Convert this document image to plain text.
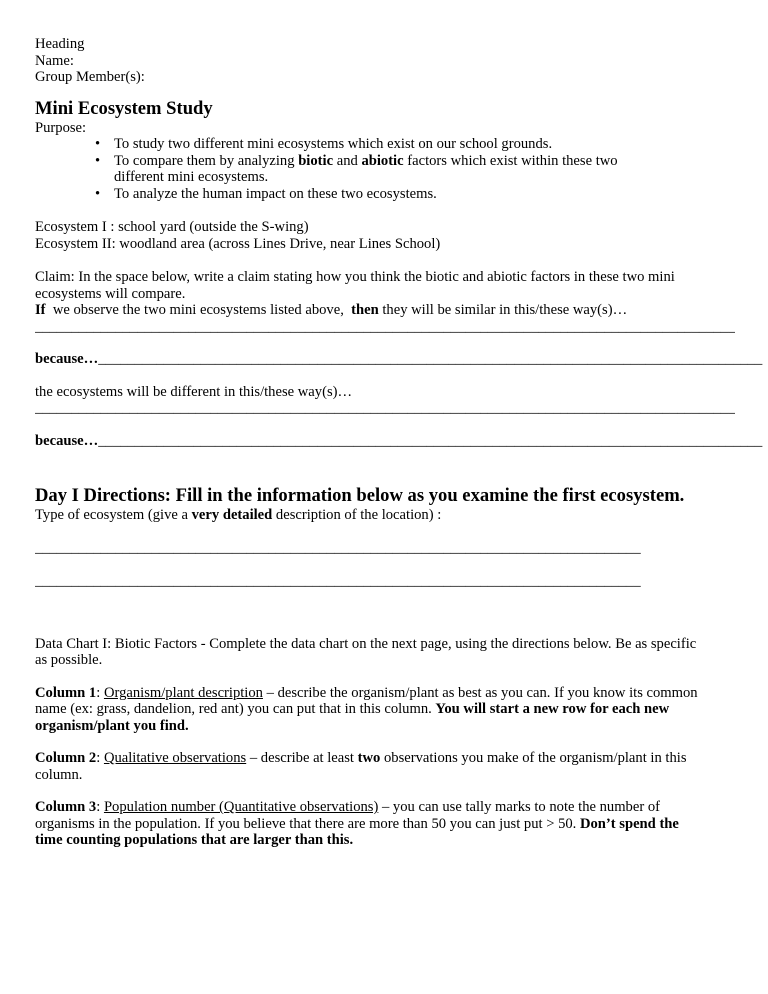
Heading
Name:
Group Member(s):
Mini Ecosystem Study
Purpose:
• To study two different mini ecosystems which exist on our school grounds.
• To compare them by analyzing biotic and abiotic factors which exist within these two
different mini ecosystems.
• To analyze the human impact on these two ecosystems.
Ecosystem I : school yard (outside the S-wing)
Ecosystem II: woodland area (across Lines Drive, near Lines School)
Claim: In the space below, write a claim stating how you think the biotic and abiotic factors in these two mini
ecosystems will compare.
If  we observe the two mini ecosystems listed above,  then they will be similar in this/these way(s)…
________________________________________________________________________________________________
because…___________________________________________________________________________________________
the ecosystems will be different in this/these way(s)…
________________________________________________________________________________________________
because…___________________________________________________________________________________________
Day I Directions: Fill in the information below as you examine the first ecosystem.
Type of ecosystem (give a very detailed description of the location) :
___________________________________________________________________________________
___________________________________________________________________________________
Data Chart I: Biotic Factors - Complete the data chart on the next page, using the directions below. Be as specific
as possible.
Column 1: Organism/plant description – describe the organism/plant as best as you can. If you know its common
name (ex: grass, dandelion, red ant) you can put that in this column. You will start a new row for each new
organism/plant you find.
Column 2: Qualitative observations – describe at least two observations you make of the organism/plant in this
column.
Column 3: Population number (Quantitative observations) – you can use tally marks to note the number of
organisms in the population. If you believe that there are more than 50 you can just put > 50. Don’t spend the
time counting populations that are larger than this.
